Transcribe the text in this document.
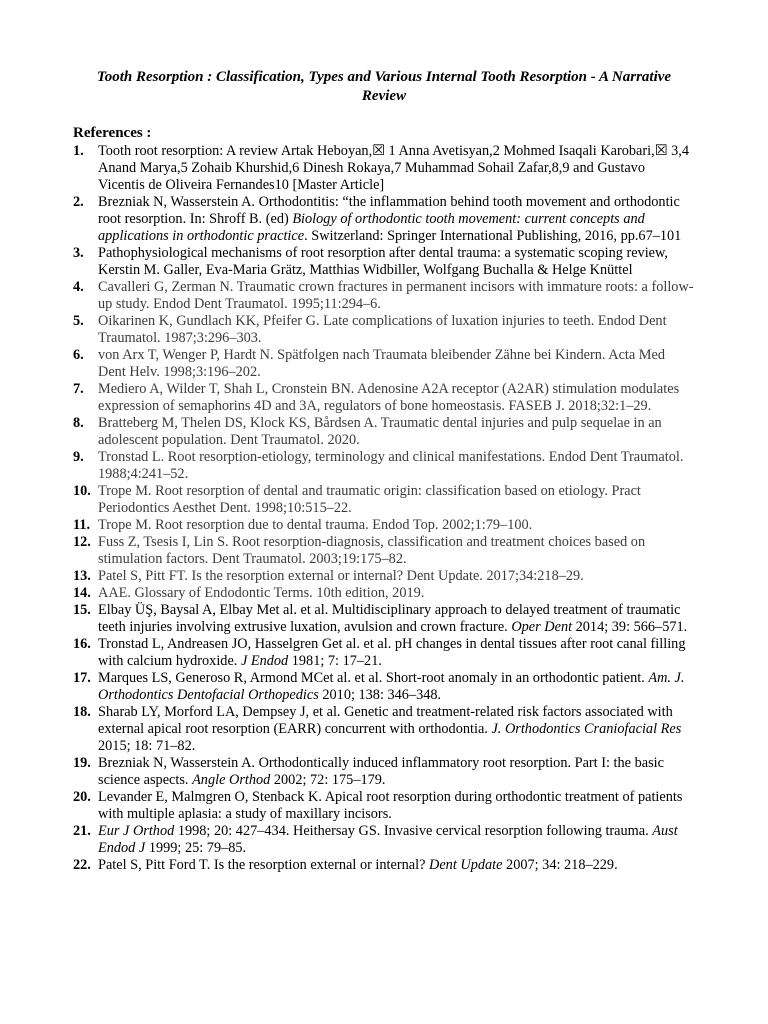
Tooth Resorption : Classification, Types and Various Internal Tooth Resorption - A Narrative Review
References :
1. Tooth root resorption: A review Artak Heboyan,☒ 1 Anna Avetisyan,2 Mohmed Isaqali Karobari,☒ 3,4 Anand Marya,5 Zohaib Khurshid,6 Dinesh Rokaya,7 Muhammad Sohail Zafar,8,9 and Gustavo Vicentis de Oliveira Fernandes10 [Master Article]
2. Brezniak N, Wasserstein A. Orthodontitis: “the inflammation behind tooth movement and orthodontic root resorption. In: Shroff B. (ed) Biology of orthodontic tooth movement: current concepts and applications in orthodontic practice. Switzerland: Springer International Publishing, 2016, pp.67–101
3. Pathophysiological mechanisms of root resorption after dental trauma: a systematic scoping review, Kerstin M. Galler, Eva-Maria Grätz, Matthias Widbiller, Wolfgang Buchalla & Helge Knüttel
4. Cavalleri G, Zerman N. Traumatic crown fractures in permanent incisors with immature roots: a follow-up study. Endod Dent Traumatol. 1995;11:294–6.
5. Oikarinen K, Gundlach KK, Pfeifer G. Late complications of luxation injuries to teeth. Endod Dent Traumatol. 1987;3:296–303.
6. von Arx T, Wenger P, Hardt N. Spätfolgen nach Traumata bleibender Zähne bei Kindern. Acta Med Dent Helv. 1998;3:196–202.
7. Mediero A, Wilder T, Shah L, Cronstein BN. Adenosine A2A receptor (A2AR) stimulation modulates expression of semaphorins 4D and 3A, regulators of bone homeostasis. FASEB J. 2018;32:1–29.
8. Bratteberg M, Thelen DS, Klock KS, Bårdsen A. Traumatic dental injuries and pulp sequelae in an adolescent population. Dent Traumatol. 2020.
9. Tronstad L. Root resorption-etiology, terminology and clinical manifestations. Endod Dent Traumatol. 1988;4:241–52.
10. Trope M. Root resorption of dental and traumatic origin: classification based on etiology. Pract Periodontics Aesthet Dent. 1998;10:515–22.
11. Trope M. Root resorption due to dental trauma. Endod Top. 2002;1:79–100.
12. Fuss Z, Tsesis I, Lin S. Root resorption-diagnosis, classification and treatment choices based on stimulation factors. Dent Traumatol. 2003;19:175–82.
13. Patel S, Pitt FT. Is the resorption external or internal? Dent Update. 2017;34:218–29.
14. AAE. Glossary of Endodontic Terms. 10th edition, 2019.
15. Elbay ÜŞ, Baysal A, Elbay Met al. et al. Multidisciplinary approach to delayed treatment of traumatic teeth injuries involving extrusive luxation, avulsion and crown fracture. Oper Dent 2014; 39: 566–571.
16. Tronstad L, Andreasen JO, Hasselgren Get al. et al. pH changes in dental tissues after root canal filling with calcium hydroxide. J Endod 1981; 7: 17–21.
17. Marques LS, Generoso R, Armond MCet al. et al. Short-root anomaly in an orthodontic patient. Am. J. Orthodontics Dentofacial Orthopedics 2010; 138: 346–348.
18. Sharab LY, Morford LA, Dempsey J, et al. Genetic and treatment-related risk factors associated with external apical root resorption (EARR) concurrent with orthodontia. J. Orthodontics Craniofacial Res 2015; 18: 71–82.
19. Brezniak N, Wasserstein A. Orthodontically induced inflammatory root resorption. Part I: the basic science aspects. Angle Orthod 2002; 72: 175–179.
20. Levander E, Malmgren O, Stenback K. Apical root resorption during orthodontic treatment of patients with multiple aplasia: a study of maxillary incisors.
21. Eur J Orthod 1998; 20: 427–434. Heithersay GS. Invasive cervical resorption following trauma. Aust Endod J 1999; 25: 79–85.
22. Patel S, Pitt Ford T. Is the resorption external or internal? Dent Update 2007; 34: 218–229.
